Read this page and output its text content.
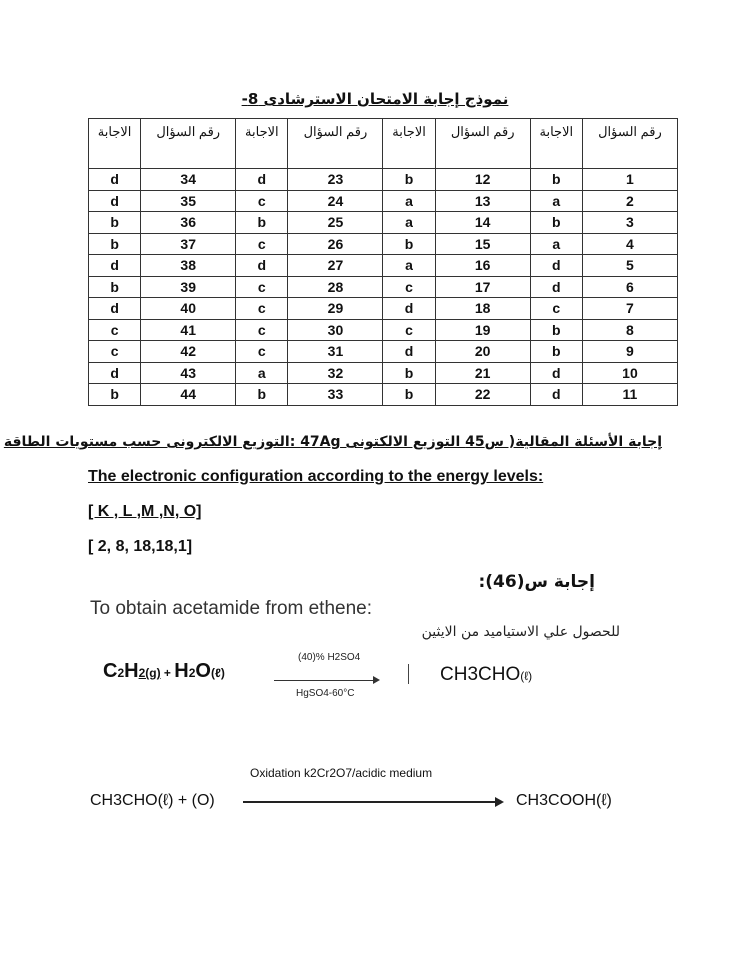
نموذج إجابة الامتحان الاسترشادى 8-
الاجابة	رقم السؤال	الاجابة	رقم السؤال	الاجابة	رقم السؤال	الاجابة	رقم السؤال
d	34	d	23	b	12	b	1
d	35	c	24	a	13	a	2
b	36	b	25	a	14	b	3
b	37	c	26	b	15	a	4
d	38	d	27	a	16	d	5
b	39	c	28	c	17	d	6
d	40	c	29	d	18	c	7
c	41	c	30	c	19	b	8
c	42	c	31	d	20	b	9
d	43	a	32	b	21	d	10
b	44	b	33	b	22	d	11
إجابة الأسئلة المقالية( س45 التوزيع الالكتونى 47Ag :التوزيع الالكترونى حسب مستويات الطاقة
The electronic configuration according to the energy levels:
[ K , L ,M ,N, O]
[ 2, 8, 18,18,1]
إجابة س(46):
To obtain acetamide from ethene:
للحصول علي الاستياميد من الايثين
C2H2(g) + H2O(ℓ)
(40)% H2SO4
HgSO4-60°C
CH3CHO(ℓ)
Oxidation k2Cr2O7/acidic medium
CH3CHO(ℓ) + (O)	CH3COOH(ℓ)
